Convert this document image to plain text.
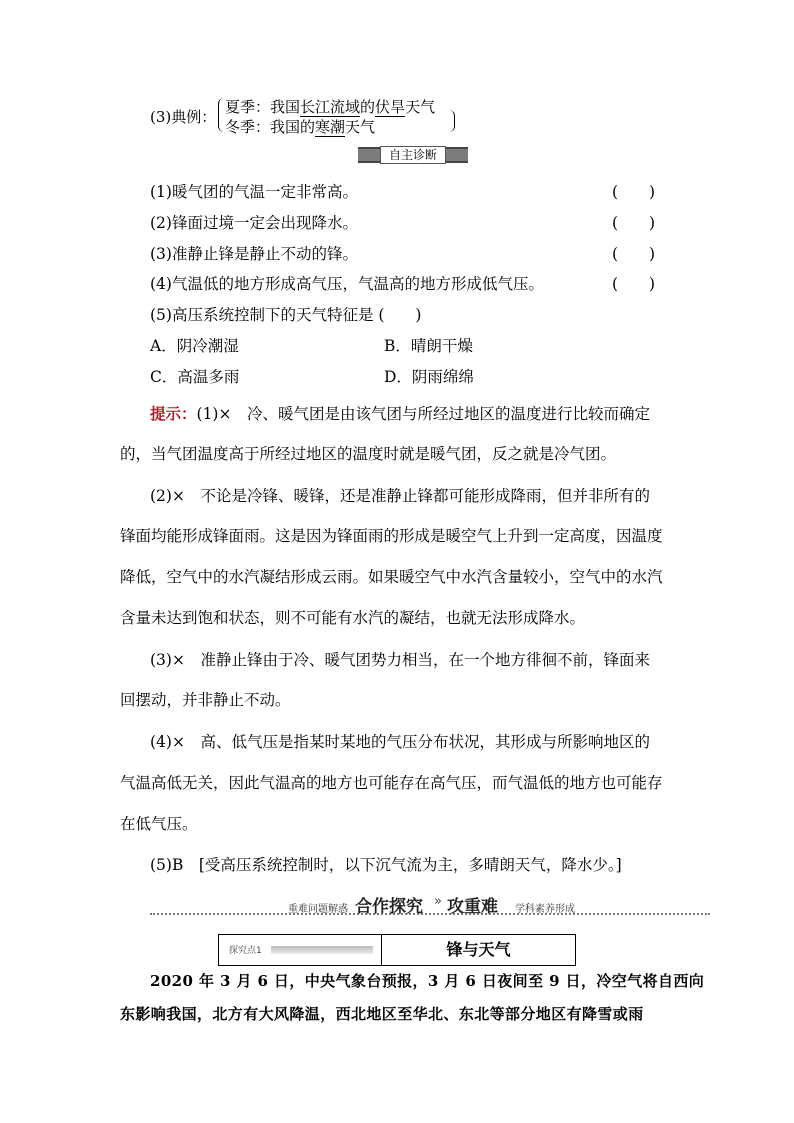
(3)典例：
夏季：我国长江流域的伏旱天气
冬季：我国的寒潮天气
自主诊断
(1)暖气团的气温一定非常高。	(　　)
(2)锋面过境一定会出现降水。	(　　)
(3)准静止锋是静止不动的锋。	(　　)
(4)气温低的地方形成高气压，气温高的地方形成低气压。	(　　)
(5)高压系统控制下的天气特征是 (　　)
A．阴冷潮湿	B．晴朗干燥
C．高温多雨	D．阴雨绵绵
提示：(1)×　冷、暖气团是由该气团与所经过地区的温度进行比较而确定
的，当气团温度高于所经过地区的温度时就是暖气团，反之就是冷气团。
(2)×　不论是冷锋、暖锋，还是准静止锋都可能形成降雨，但并非所有的
锋面均能形成锋面雨。这是因为锋面雨的形成是暖空气上升到一定高度，因温度
降低，空气中的水汽凝结形成云雨。如果暖空气中水汽含量较小，空气中的水汽
含量未达到饱和状态，则不可能有水汽的凝结，也就无法形成降水。
(3)×　准静止锋由于冷、暖气团势力相当，在一个地方徘徊不前，锋面来
回摆动，并非静止不动。
(4)×　高、低气压是指某时某地的气压分布状况，其形成与所影响地区的
气温高低无关，因此气温高的地方也可能存在高气压，而气温低的地方也可能存
在低气压。
(5)B　[受高压系统控制时，以下沉气流为主，多晴朗天气，降水少。]
重难问题解惑 合作探究 » 攻重难 学科素养形成
探究点1	锋与天气
2020 年 3 月 6 日，中央气象台预报，3 月 6 日夜间至 9 日，冷空气将自西向
东影响我国，北方有大风降温，西北地区至华北、东北等部分地区有降雪或雨
